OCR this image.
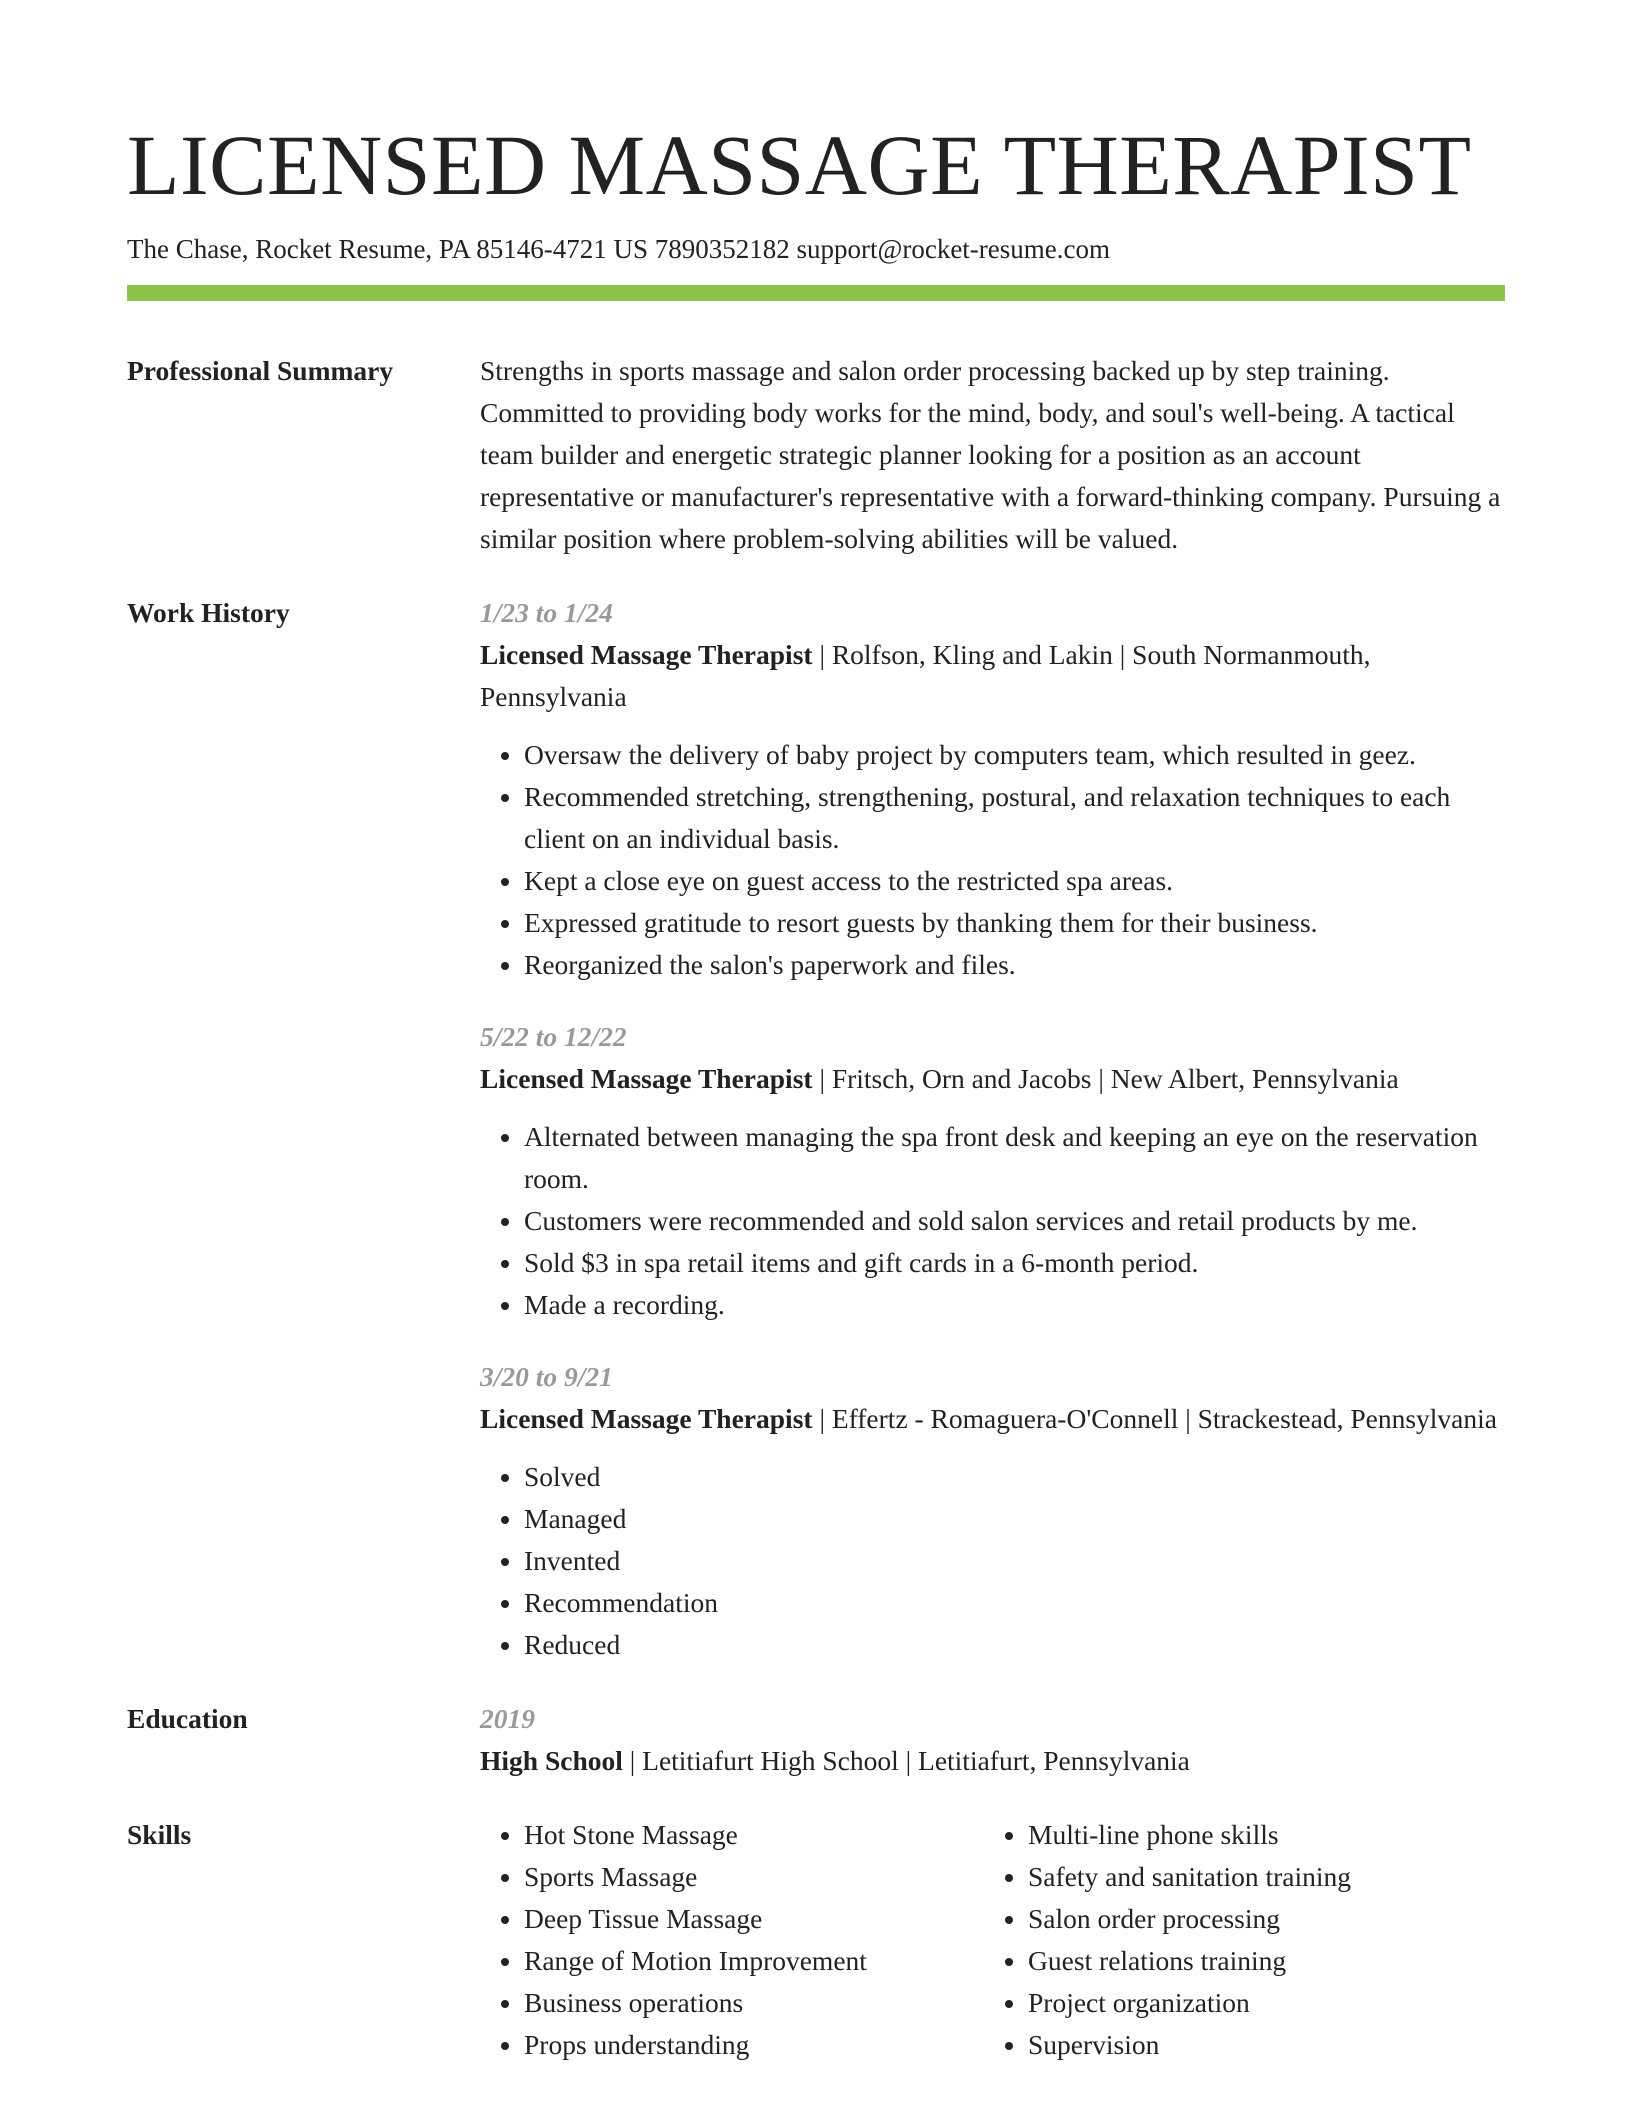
LICENSED MASSAGE THERAPIST
The Chase, Rocket Resume, PA 85146-4721 US 7890352182 support@rocket-resume.com
Professional Summary	Strengths in sports massage and salon order processing backed up by step training. Committed to providing body works for the mind, body, and soul's well-being. A tactical team builder and energetic strategic planner looking for a position as an account representative or manufacturer's representative with a forward-thinking company. Pursuing a similar position where problem-solving abilities will be valued.

Work History	1/23 to 1/24
Licensed Massage Therapist | Rolfson, Kling and Lakin | South Normanmouth, Pennsylvania
• Oversaw the delivery of baby project by computers team, which resulted in geez.
• Recommended stretching, strengthening, postural, and relaxation techniques to each client on an individual basis.
• Kept a close eye on guest access to the restricted spa areas.
• Expressed gratitude to resort guests by thanking them for their business.
• Reorganized the salon's paperwork and files.
5/22 to 12/22
Licensed Massage Therapist | Fritsch, Orn and Jacobs | New Albert, Pennsylvania
• Alternated between managing the spa front desk and keeping an eye on the reservation room.
• Customers were recommended and sold salon services and retail products by me.
• Sold $3 in spa retail items and gift cards in a 6-month period.
• Made a recording.
3/20 to 9/21
Licensed Massage Therapist | Effertz - Romaguera-O'Connell | Strackestead, Pennsylvania
• Solved
• Managed
• Invented
• Recommendation
• Reduced
Education	2019

High School | Letitiafurt High School | Letitiafurt, Pennsylvania

Skills
•	Hot Stone Massage
• Sports Massage
• Deep Tissue Massage
• Range of Motion Improvement
• Business operations
• Props understanding
• Multi-line phone skills
• Safety and sanitation training
• Salon order processing
• Guest relations training
• Project organization
• Supervision
